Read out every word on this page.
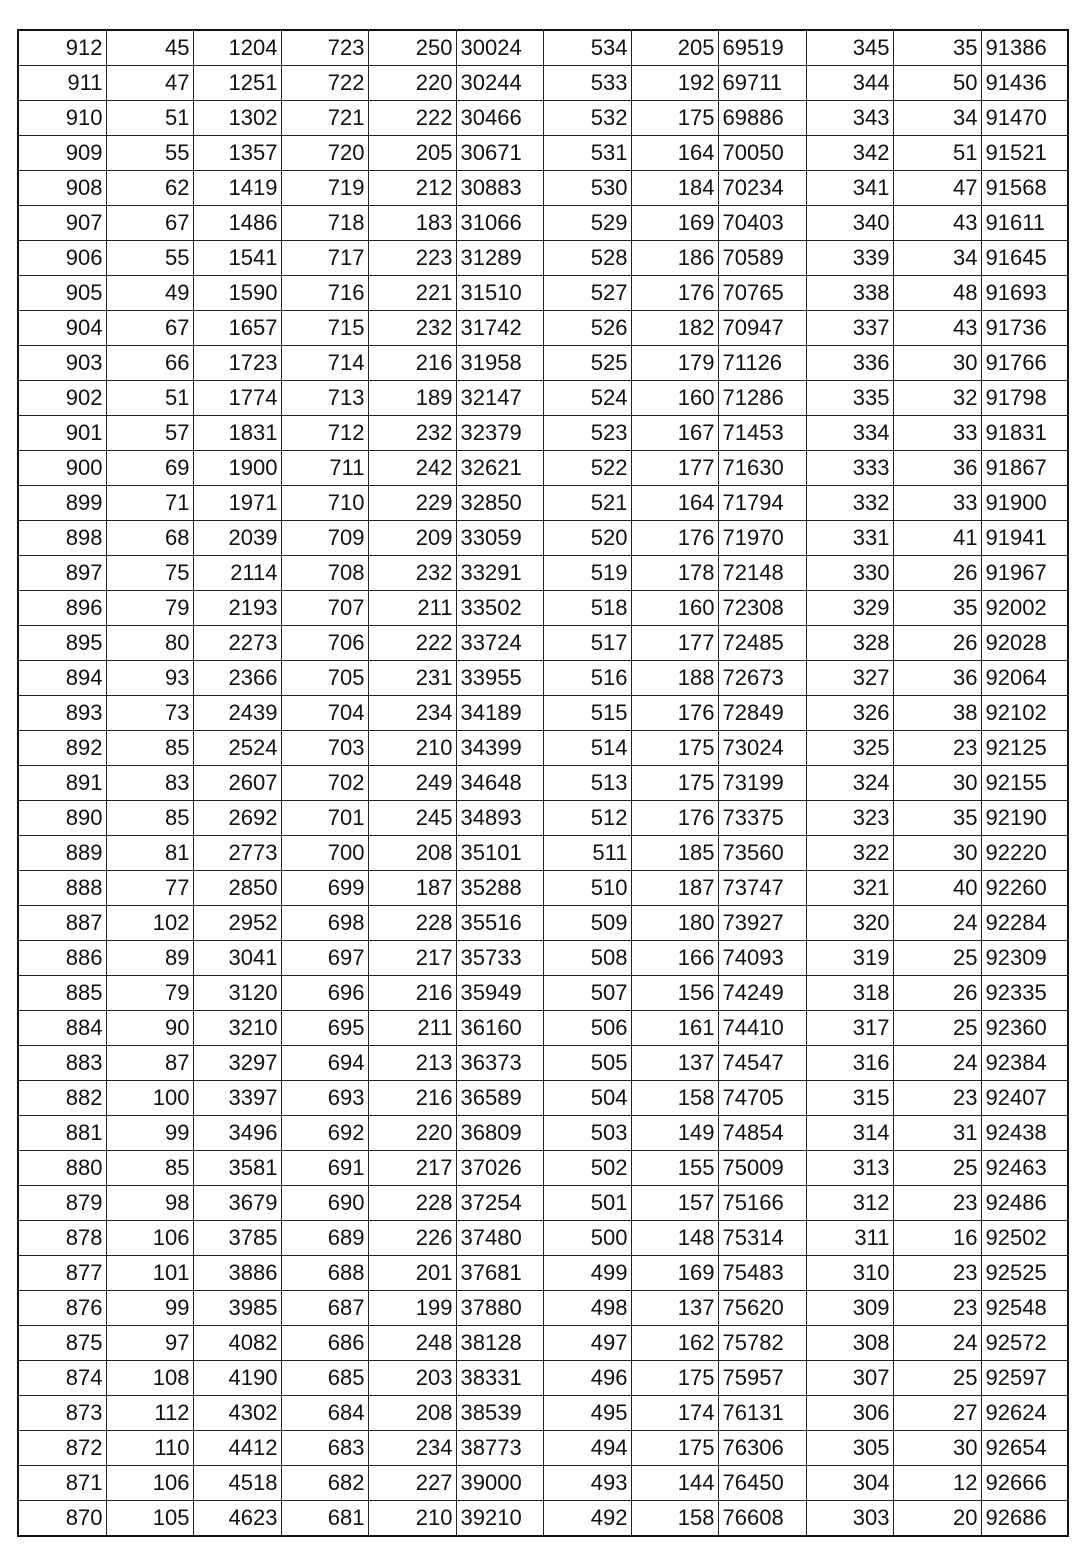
912	45	1204	723	250	30024	534	205	69519	345	35	91386
911	47	1251	722	220	30244	533	192	69711	344	50	91436
910	51	1302	721	222	30466	532	175	69886	343	34	91470
909	55	1357	720	205	30671	531	164	70050	342	51	91521
908	62	1419	719	212	30883	530	184	70234	341	47	91568
907	67	1486	718	183	31066	529	169	70403	340	43	91611
906	55	1541	717	223	31289	528	186	70589	339	34	91645
905	49	1590	716	221	31510	527	176	70765	338	48	91693
904	67	1657	715	232	31742	526	182	70947	337	43	91736
903	66	1723	714	216	31958	525	179	71126	336	30	91766
902	51	1774	713	189	32147	524	160	71286	335	32	91798
901	57	1831	712	232	32379	523	167	71453	334	33	91831
900	69	1900	711	242	32621	522	177	71630	333	36	91867
899	71	1971	710	229	32850	521	164	71794	332	33	91900
898	68	2039	709	209	33059	520	176	71970	331	41	91941
897	75	2114	708	232	33291	519	178	72148	330	26	91967
896	79	2193	707	211	33502	518	160	72308	329	35	92002
895	80	2273	706	222	33724	517	177	72485	328	26	92028
894	93	2366	705	231	33955	516	188	72673	327	36	92064
893	73	2439	704	234	34189	515	176	72849	326	38	92102
892	85	2524	703	210	34399	514	175	73024	325	23	92125
891	83	2607	702	249	34648	513	175	73199	324	30	92155
890	85	2692	701	245	34893	512	176	73375	323	35	92190
889	81	2773	700	208	35101	511	185	73560	322	30	92220
888	77	2850	699	187	35288	510	187	73747	321	40	92260
887	102	2952	698	228	35516	509	180	73927	320	24	92284
886	89	3041	697	217	35733	508	166	74093	319	25	92309
885	79	3120	696	216	35949	507	156	74249	318	26	92335
884	90	3210	695	211	36160	506	161	74410	317	25	92360
883	87	3297	694	213	36373	505	137	74547	316	24	92384
882	100	3397	693	216	36589	504	158	74705	315	23	92407
881	99	3496	692	220	36809	503	149	74854	314	31	92438
880	85	3581	691	217	37026	502	155	75009	313	25	92463
879	98	3679	690	228	37254	501	157	75166	312	23	92486
878	106	3785	689	226	37480	500	148	75314	311	16	92502
877	101	3886	688	201	37681	499	169	75483	310	23	92525
876	99	3985	687	199	37880	498	137	75620	309	23	92548
875	97	4082	686	248	38128	497	162	75782	308	24	92572
874	108	4190	685	203	38331	496	175	75957	307	25	92597
873	112	4302	684	208	38539	495	174	76131	306	27	92624
872	110	4412	683	234	38773	494	175	76306	305	30	92654
871	106	4518	682	227	39000	493	144	76450	304	12	92666
870	105	4623	681	210	39210	492	158	76608	303	20	92686
